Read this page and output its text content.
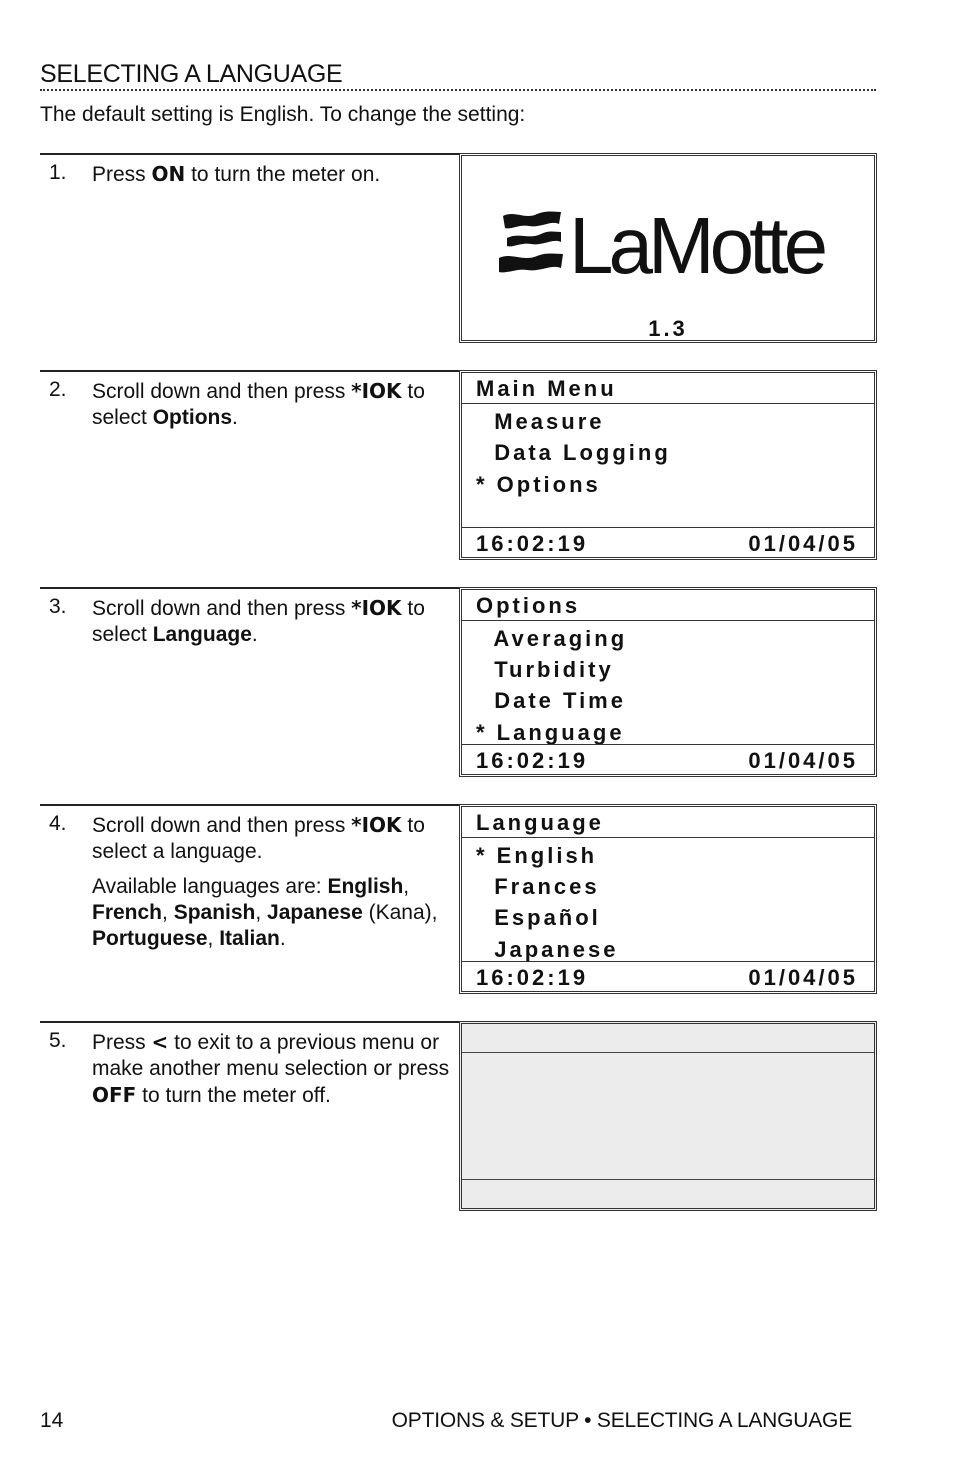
SELECTING A LANGUAGE
The default setting is English. To change the setting:
1. Press ON to turn the meter on.
LaMotte
1.3
2. Scroll down and then press *IOK to select Options.
Main Menu
Measure
Data Logging
* Options
16:02:19	01/04/05
3. Scroll down and then press *IOK to select Language.
Options
Averaging
Turbidity
Date Time
* Language
16:02:19	01/04/05
4. Scroll down and then press *IOK to select a language.

Available languages are: English, French, Spanish, Japanese (Kana), Portuguese, Italian.

Language
* English
Frances
Español
Japanese
16:02:19	01/04/05
5. Press < to exit to a previous menu or make another menu selection or press OFF to turn the meter off.
14	OPTIONS & SETUP • SELECTING A LANGUAGE
